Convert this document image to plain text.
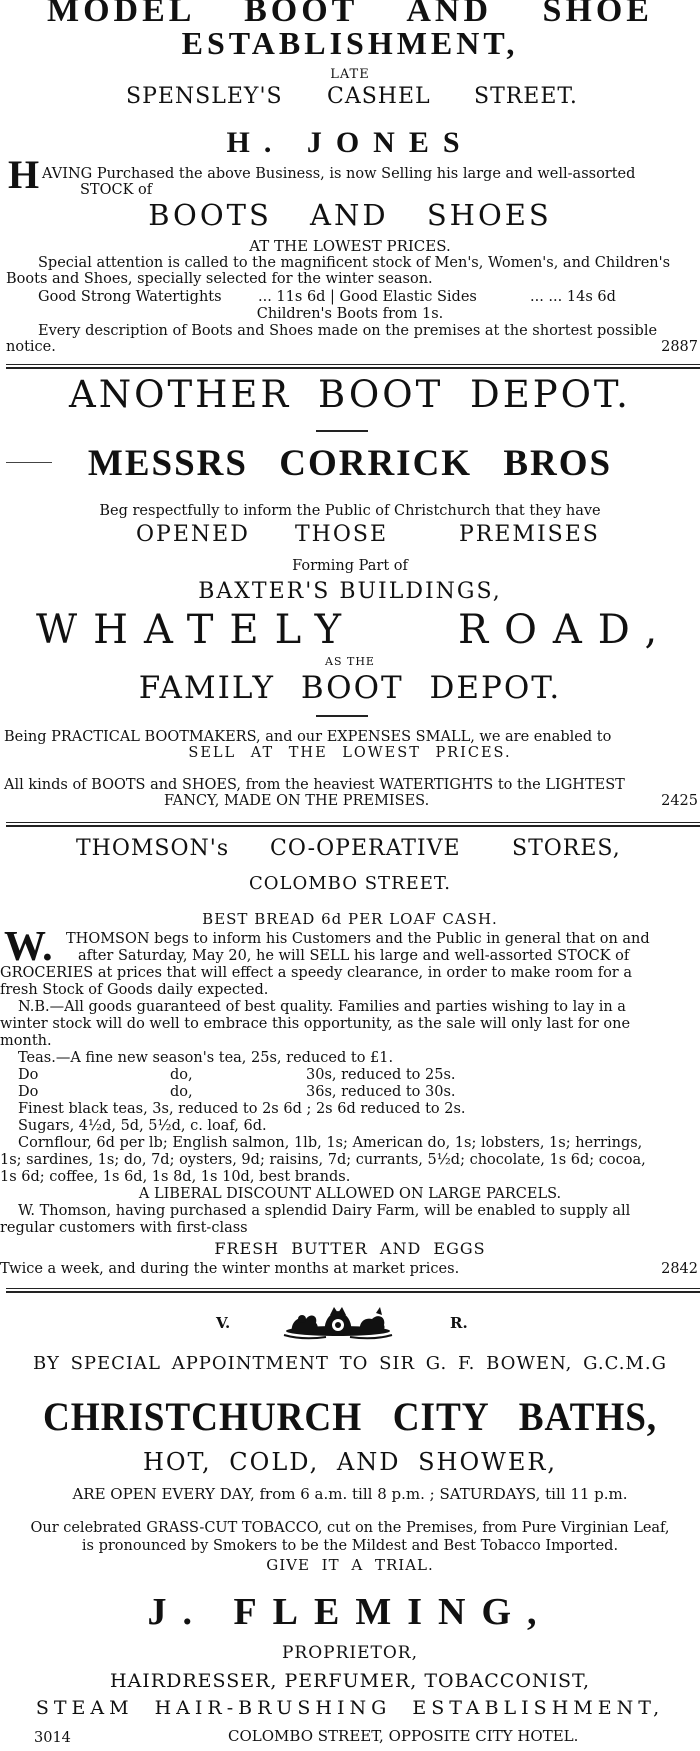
MODEL BOOT AND SHOE
ESTABLISHMENT,
LATE
SPENSLEY'S CASHEL STREET.
H. JONES
H AVING Purchased the above Business, is now Selling his large and well-assorted
STOCK of
BOOTS AND SHOES
AT THE LOWEST PRICES.
Special attention is called to the magnificent stock of Men's, Women's, and Children's
Boots and Shoes, specially selected for the winter season.
Good Strong Watertights	... 11s 6d | Good Elastic Sides	... ... 14s 6d
Children's Boots from 1s.
Every description of Boots and Shoes made on the premises at the shortest possible
notice.	2887
ANOTHER BOOT DEPOT.
MESSRS CORRICK BROS
Beg respectfully to inform the Public of Christchurch that they have
OPENED THOSE	PREMISES
Forming Part of
BAXTER'S BUILDINGS,
WHATELY	ROAD,
AS THE
FAMILY BOOT DEPOT.
Being PRACTICAL BOOTMAKERS, and our EXPENSES SMALL, we are enabled to
SELL AT THE LOWEST PRICES.
All kinds of BOOTS and SHOES, from the heaviest WATERTIGHTS to the LIGHTEST
FANCY, MADE ON THE PREMISES.	2425
THOMSON's CO-OPERATIVE STORES,
COLOMBO STREET.
BEST BREAD 6d PER LOAF CASH.
W. THOMSON begs to inform his Customers and the Public in general that on and
after Saturday, May 20, he will SELL his large and well-assorted STOCK of
GROCERIES at prices that will effect a speedy clearance, in order to make room for a
fresh Stock of Goods daily expected.
N.B.—All goods guaranteed of best quality. Families and parties wishing to lay in a
winter stock will do well to embrace this opportunity, as the sale will only last for one
month.
Teas.—A fine new season's tea, 25s, reduced to £1.
Do	do,	30s, reduced to 25s.
Do	do,	36s, reduced to 30s.
Finest black teas, 3s, reduced to 2s 6d ; 2s 6d reduced to 2s.
Sugars, 4½d, 5d, 5½d, c. loaf, 6d.
Cornflour, 6d per lb; English salmon, 1lb, 1s; American do, 1s; lobsters, 1s; herrings,
1s; sardines, 1s; do, 7d; oysters, 9d; raisins, 7d; currants, 5½d; chocolate, 1s 6d; cocoa,
1s 6d; coffee, 1s 6d, 1s 8d, 1s 10d, best brands.
A LIBERAL DISCOUNT ALLOWED ON LARGE PARCELS.
W. Thomson, having purchased a splendid Dairy Farm, will be enabled to supply all
regular customers with first-class
FRESH BUTTER AND EGGS
Twice a week, and during the winter months at market prices.	2842
V.	R.
BY SPECIAL APPOINTMENT TO SIR G. F. BOWEN, G.C.M.G
CHRISTCHURCH CITY BATHS,
HOT, COLD, AND SHOWER,
ARE OPEN EVERY DAY, from 6 a.m. till 8 p.m. ; SATURDAYS, till 11 p.m.
Our celebrated GRASS-CUT TOBACCO, cut on the Premises, from Pure Virginian Leaf,
is pronounced by Smokers to be the Mildest and Best Tobacco Imported.
GIVE IT A TRIAL.
J. FLEMING,
PROPRIETOR,
HAIRDRESSER, PERFUMER, TOBACCONIST,
STEAM HAIR-BRUSHING ESTABLISHMENT,
3014	COLOMBO STREET, OPPOSITE CITY HOTEL.
